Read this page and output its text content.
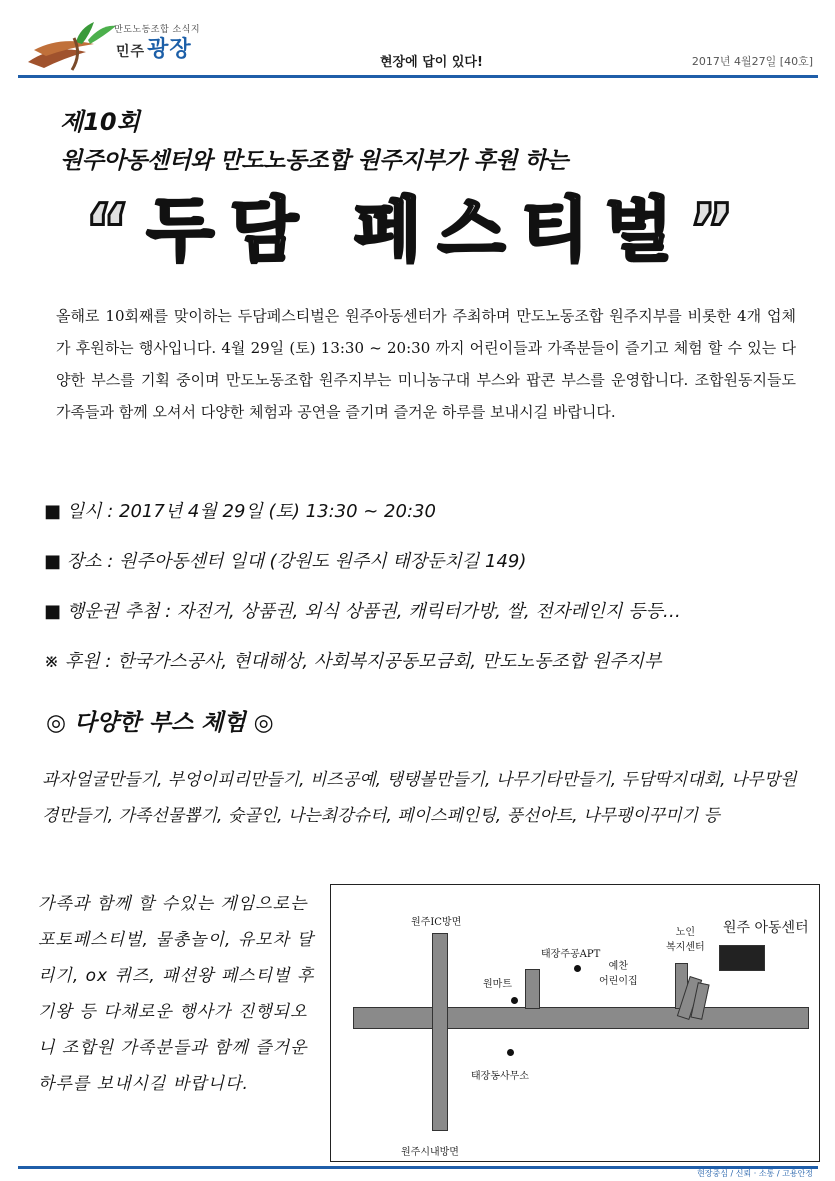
만도노동조합 소식지
민주광장
현장에 답이 있다!	2017년 4월27일 [40호]
제10회
원주아동센터와 만도노동조합 원주지부가 후원 하는
“두담 페스티벌”
올해로 10회째를 맞이하는 두담페스티벌은 원주아동센터가 주최하며 만도노동조합 원주지부를 비롯한 4개 업체가 후원하는 행사입니다. 4월 29일 (토) 13:30 ~ 20:30 까지 어린이들과 가족분들이 즐기고 체험 할 수 있는 다양한 부스를 기획 중이며 만도노동조합 원주지부는 미니농구대 부스와 팝콘 부스를 운영합니다. 조합원동지들도 가족들과 함께 오셔서 다양한 체험과 공연을 즐기며 즐거운 하루를 보내시길 바랍니다.
■ 일시 : 2017년 4월 29일 (토) 13:30 ~ 20:30
■ 장소 : 원주아동센터 일대 (강원도 원주시 태장둔치길 149)
■ 행운권 추첨 : 자전거, 상품권, 외식 상품권, 캐릭터가방, 쌀, 전자레인지 등등…
※ 후원 : 한국가스공사, 현대해상, 사회복지공동모금회, 만도노동조합 원주지부
◎ 다양한 부스 체험 ◎
과자얼굴만들기, 부엉이피리만들기, 비즈공예, 탱탱볼만들기, 나무기타만들기, 두담딱지대회, 나무망원경만들기, 가족선물뽑기, 슛골인, 나는최강슈터, 페이스페인팅, 풍선아트, 나무팽이꾸미기 등
가족과 함께 할 수있는 게임으로는 포토페스티벌, 물총놀이, 유모차 달리기, ox 퀴즈, 패션왕 페스티벌 후기왕 등 다채로운 행사가 진행되오니 조합원 가족분들과 함께 즐거운 하루를 보내시길 바랍니다.
원주IC방면
원주시내방면
원마트
태장주공APT
태장동사무소
예찬
어린이집
노인
복지센터
원주 아동센터
현장중심 / 신뢰 · 소통 / 고용안정
